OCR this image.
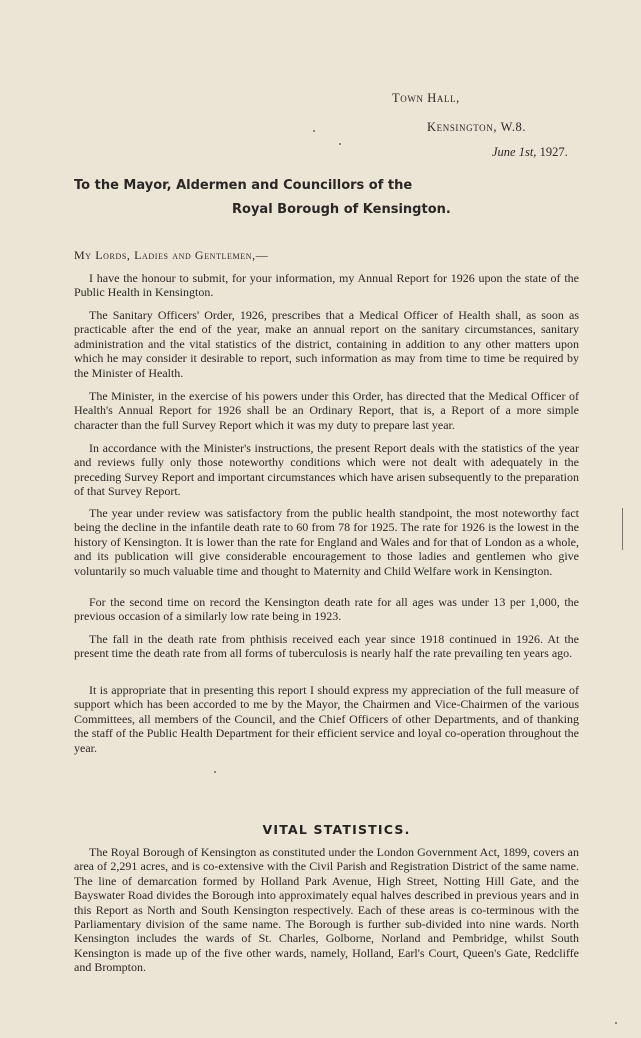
Town Hall,
Kensington, W.8.
June 1st, 1927.
To the Mayor, Aldermen and Councillors of the
Royal Borough of Kensington.
My Lords, Ladies and Gentlemen,—

I have the honour to submit, for your information, my Annual Report for 1926 upon the state of the Public Health in Kensington.

The Sanitary Officers' Order, 1926, prescribes that a Medical Officer of Health shall, as soon as practicable after the end of the year, make an annual report on the sanitary circumstances, sanitary administration and the vital statistics of the district, containing in addition to any other matters upon which he may consider it desirable to report, such information as may from time to time be required by the Minister of Health.

The Minister, in the exercise of his powers under this Order, has directed that the Medical Officer of Health's Annual Report for 1926 shall be an Ordinary Report, that is, a Report of a more simple character than the full Survey Report which it was my duty to prepare last year.

In accordance with the Minister's instructions, the present Report deals with the statistics of the year and reviews fully only those noteworthy conditions which were not dealt with adequately in the preceding Survey Report and important circumstances which have arisen subsequently to the preparation of that Survey Report.

The year under review was satisfactory from the public health standpoint, the most noteworthy fact being the decline in the infantile death rate to 60 from 78 for 1925. The rate for 1926 is the lowest in the history of Kensington. It is lower than the rate for England and Wales and for that of London as a whole, and its publication will give considerable encouragement to those ladies and gentlemen who give voluntarily so much valuable time and thought to Maternity and Child Welfare work in Kensington.

For the second time on record the Kensington death rate for all ages was under 13 per 1,000, the previous occasion of a similarly low rate being in 1923.

The fall in the death rate from phthisis received each year since 1918 continued in 1926. At the present time the death rate from all forms of tuberculosis is nearly half the rate prevailing ten years ago.

It is appropriate that in presenting this report I should express my appreciation of the full measure of support which has been accorded to me by the Mayor, the Chairmen and Vice-Chairmen of the various Committees, all members of the Council, and the Chief Officers of other Departments, and of thanking the staff of the Public Health Department for their efficient service and loyal co-operation throughout the year.

VITAL STATISTICS.

The Royal Borough of Kensington as constituted under the London Government Act, 1899, covers an area of 2,291 acres, and is co-extensive with the Civil Parish and Registration District of the same name. The line of demarcation formed by Holland Park Avenue, High Street, Notting Hill Gate, and the Bayswater Road divides the Borough into approximately equal halves described in previous years and in this Report as North and South Kensington respectively. Each of these areas is co-terminous with the Parliamentary division of the same name. The Borough is further sub-divided into nine wards. North Kensington includes the wards of St. Charles, Golborne, Norland and Pembridge, whilst South Kensington is made up of the five other wards, namely, Holland, Earl's Court, Queen's Gate, Redcliffe and Brompton.
